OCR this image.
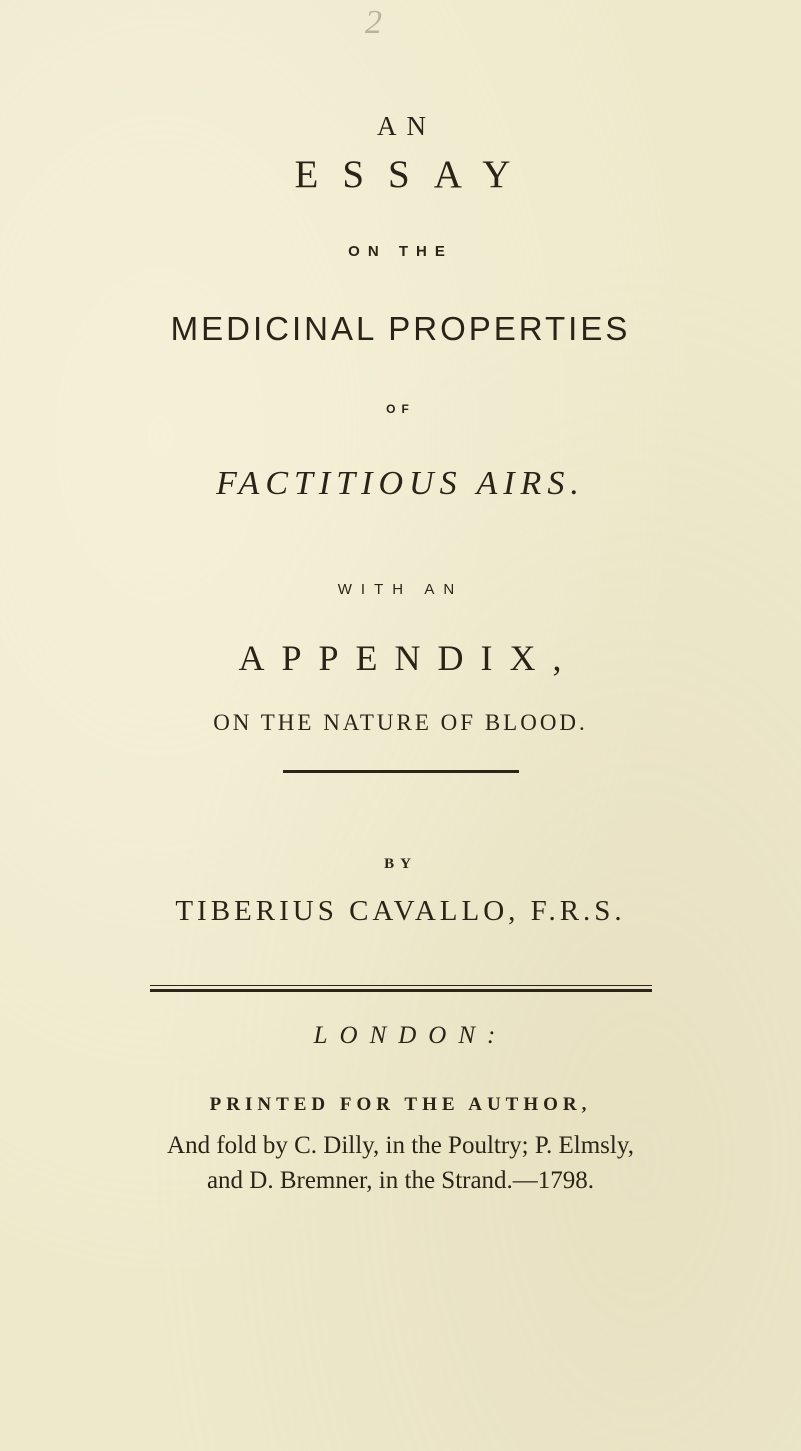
2
AN
ESSAY
ON THE
MEDICINAL PROPERTIES
OF
FACTITIOUS AIRS.
WITH AN
APPENDIX,
ON THE NATURE OF BLOOD.
BY
TIBERIUS CAVALLO, F.R.S.
LONDON:
PRINTED FOR THE AUTHOR,
And fold by C. Dilly, in the Poultry; P. Elmsly,
and D. Bremner, in the Strand.—1798.
